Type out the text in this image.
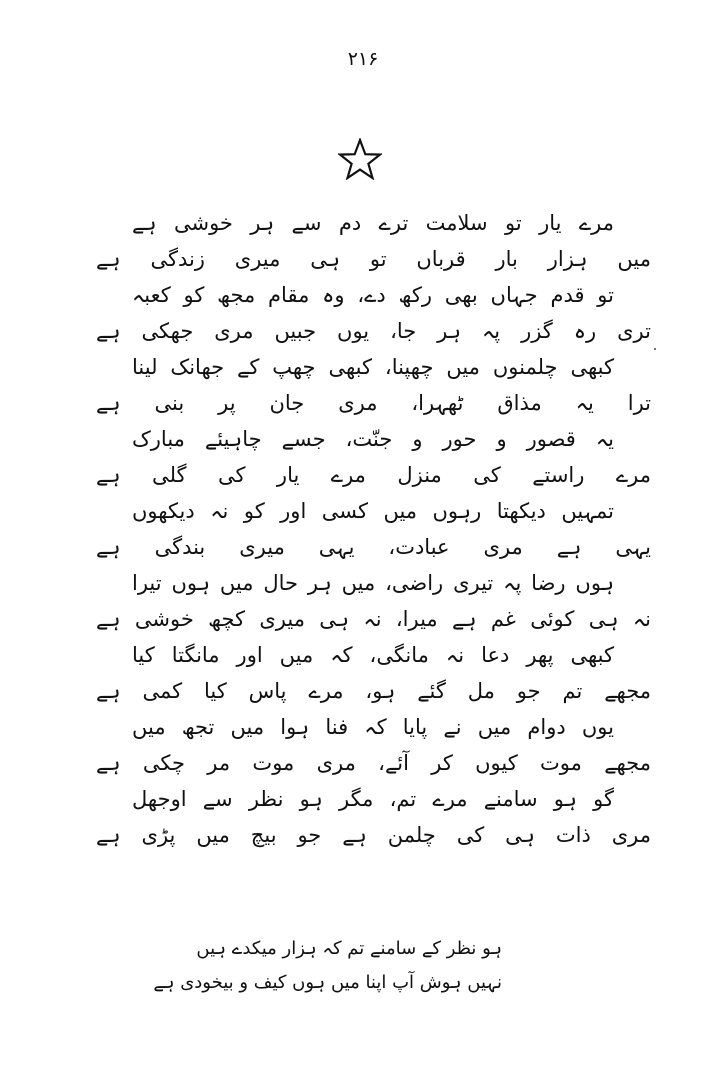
۲۱۶
مرے یار تو سلامت ترے دم سے ہر خوشی ہے
میں ہزار بار قرباں تو ہی میری زندگی ہے
تو قدم جہاں بھی رکھ دے، وہ مقام مجھ کو کعبہ
تری رہ گزر پہ ہر جا، یوں جبیں مری جھکی ہے
کبھی چلمنوں میں چھپنا، کبھی چھپ کے جھانک لینا
ترا یہ مذاق ٹھہرا، مری جان پر بنی ہے
یہ قصور و حور و جنّت، جسے چاہیئے مبارک
مرے راستے کی منزل مرے یار کی گلی ہے
تمہیں دیکھتا رہوں میں کسی اور کو نہ دیکھوں
یہی ہے مری عبادت، یہی میری بندگی ہے
ہوں رضا پہ تیری راضی، میں ہر حال میں ہوں تیرا
نہ ہی کوئی غم ہے میرا، نہ ہی میری کچھ خوشی ہے
کبھی پھر دعا نہ مانگی، کہ میں اور مانگتا کیا
مجھے تم جو مل گئے ہو، مرے پاس کیا کمی ہے
یوں دوام میں نے پایا کہ فنا ہوا میں تجھ میں
مجھے موت کیوں کر آئے، مری موت مر چکی ہے
گو ہو سامنے مرے تم، مگر ہو نظر سے اوجھل
مری ذات ہی کی چلمن ہے جو بیچ میں پڑی ہے
ہو نظر کے سامنے تم کہ ہزار میکدے ہیں
نہیں ہوش آپ اپنا میں ہوں کیف و بیخودی ہے
